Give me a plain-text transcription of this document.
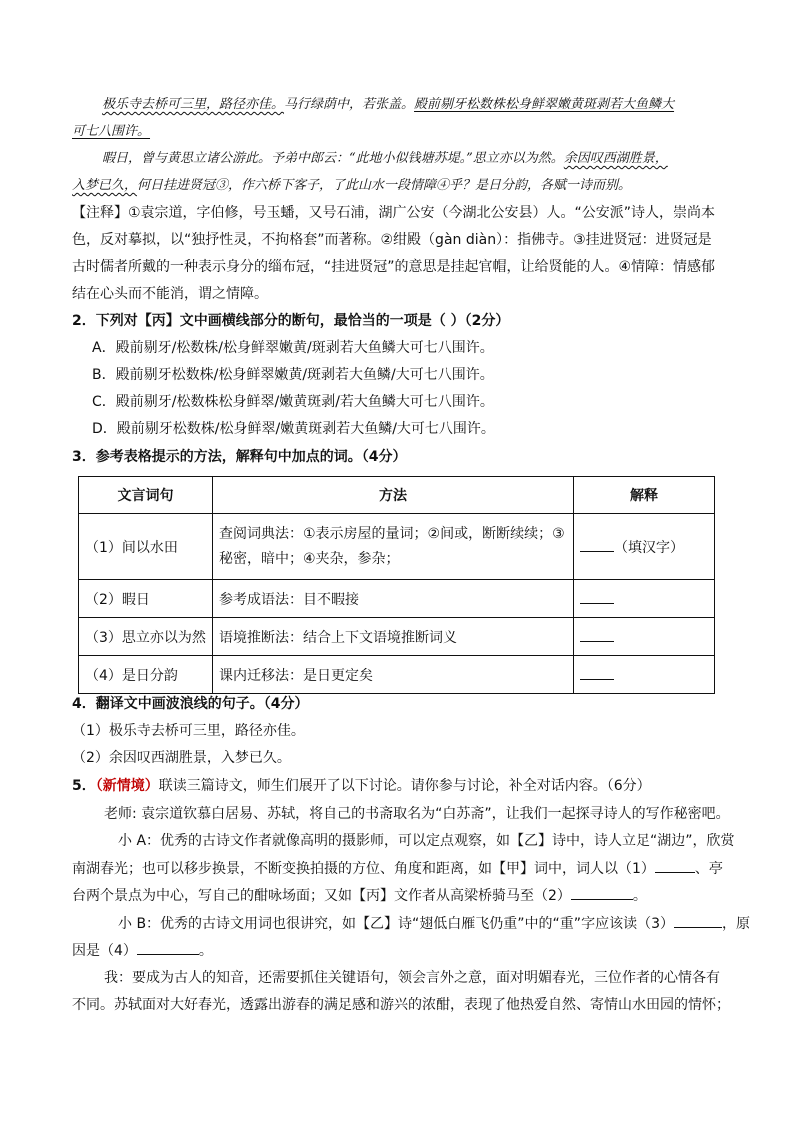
极乐寺去桥可三里，路径亦佳。马行绿荫中，若张盖。殿前剔牙松数株松身鲜翠嫩黄斑剥若大鱼鳞大
可七八围许。
暇日，曾与黄思立诸公游此。予弟中郎云：“此地小似钱塘苏堤。”思立亦以为然。余因叹西湖胜景，
入梦已久，何日挂进贤冠③，作六桥下客子，了此山水一段情障④乎？是日分韵，各赋一诗而别。
【注释】①袁宗道，字伯修，号玉蟠，又号石浦，湖广公安（今湖北公安县）人。“公安派”诗人，崇尚本
色，反对摹拟，以“独抒性灵，不拘格套”而著称。②绀殿（gàn diàn）：指佛寺。③挂进贤冠：进贤冠是
古时儒者所戴的一种表示身分的缁布冠，“挂进贤冠”的意思是挂起官帽，让给贤能的人。④情障：情感郁
结在心头而不能消，谓之情障。
2．下列对【丙】文中画横线部分的断句，最恰当的一项是（ ）（2分）
A．殿前剔牙/松数株/松身鲜翠嫩黄/斑剥若大鱼鳞大可七八围许。
B．殿前剔牙松数株/松身鲜翠嫩黄/斑剥若大鱼鳞/大可七八围许。
C．殿前剔牙/松数株松身鲜翠/嫩黄斑剥/若大鱼鳞大可七八围许。
D．殿前剔牙松数株/松身鲜翠/嫩黄斑剥若大鱼鳞/大可七八围许。
3．参考表格提示的方法，解释句中加点的词。（4分）
文言词句	方法	解释
（1）间以水田	查阅词典法：①表示房屋的量词；②间或，断断续续；③
秘密，暗中；④夹杂，参杂；	（填汉字）
（2）暇日	参考成语法：目不暇接	
（3）思立亦以为然	语境推断法：结合上下文语境推断词义	
（4）是日分韵	课内迁移法：是日更定矣	
4．翻译文中画波浪线的句子。（4分）
（1）极乐寺去桥可三里，路径亦佳。
（2）余因叹西湖胜景，入梦已久。
5．（新情境）联读三篇诗文，师生们展开了以下讨论。请你参与讨论，补全对话内容。（6分）
老师: 袁宗道钦慕白居易、苏轼，将自己的书斋取名为“白苏斋”，让我们一起探寻诗人的写作秘密吧。
小 A：优秀的古诗文作者就像高明的摄影师，可以定点观察，如【乙】诗中，诗人立足“湖边”，欣赏
南湖春光；也可以移步换景，不断变换拍摄的方位、角度和距离，如【甲】词中，词人以（1）	、亭
台两个景点为中心，写自己的酣咏场面；又如【丙】文作者从高梁桥骑马至（2）	。
小 B：优秀的古诗文用词也很讲究，如【乙】诗“翅低白雁飞仍重”中的“重”字应该读（3）	，原
因是（4）	。
我：要成为古人的知音，还需要抓住关键语句，领会言外之意，面对明媚春光，三位作者的心情各有
不同。苏轼面对大好春光，透露出游春的满足感和游兴的浓酣，表现了他热爱自然、寄情山水田园的情怀；
